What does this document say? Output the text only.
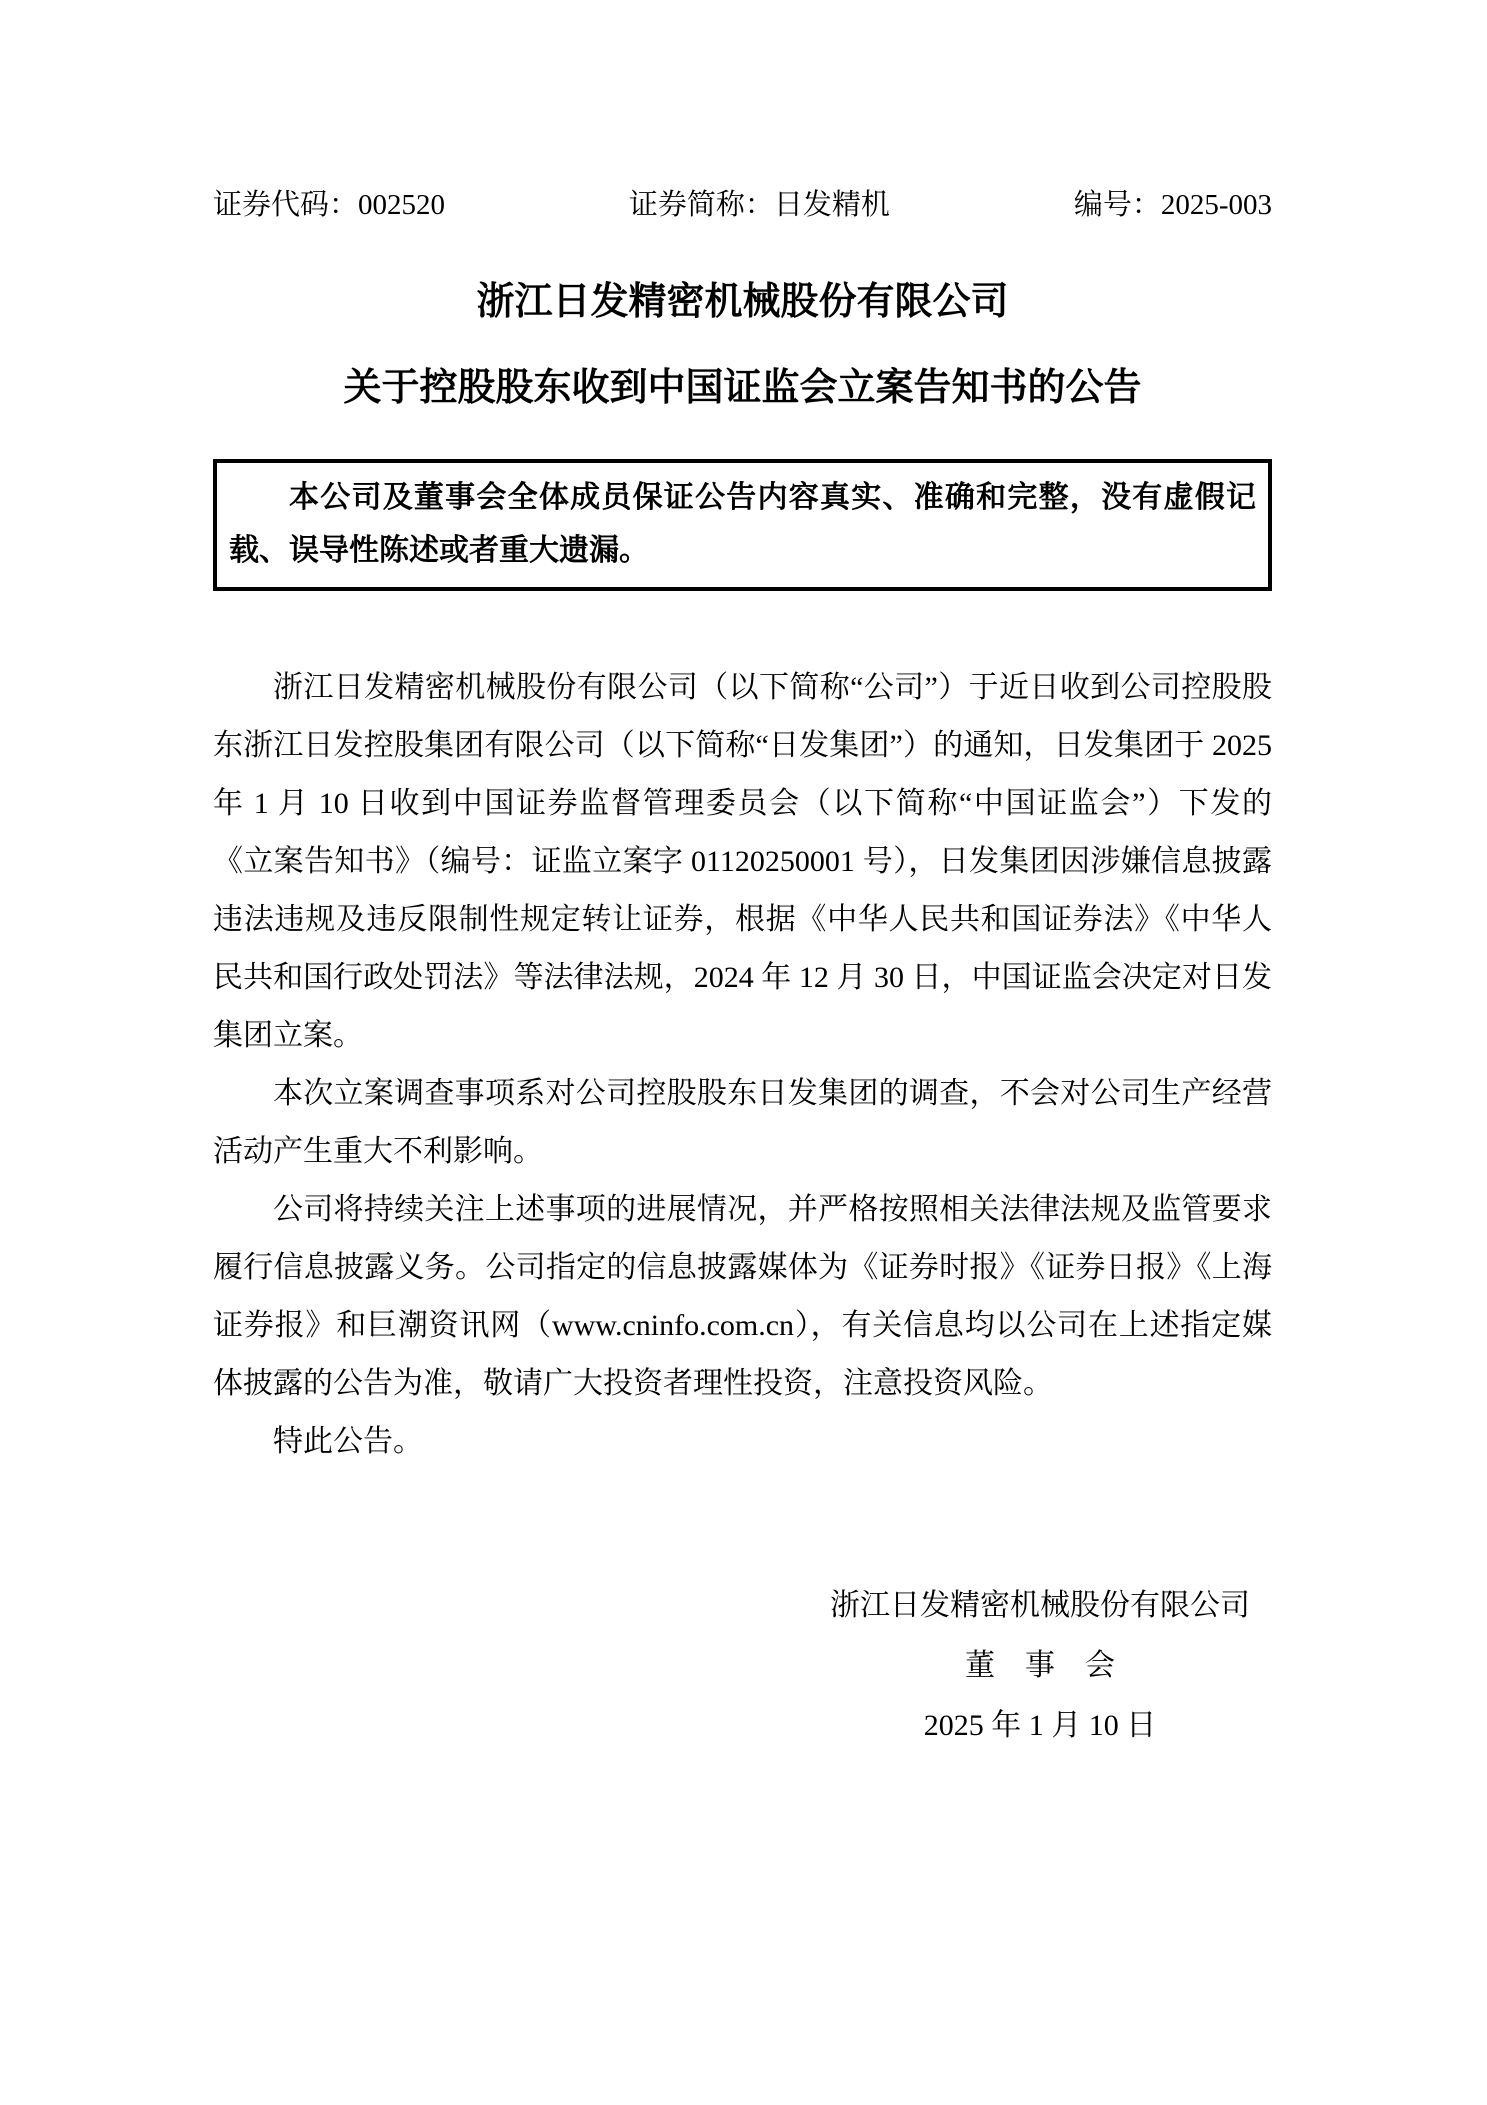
证券代码：002520	证券简称：日发精机	编号：2025-003
浙江日发精密机械股份有限公司
关于控股股东收到中国证监会立案告知书的公告

本公司及董事会全体成员保证公告内容真实、准确和完整，没有虚假记载、误导性陈述或者重大遗漏。

浙江日发精密机械股份有限公司（以下简称“公司”）于近日收到公司控股股东浙江日发控股集团有限公司（以下简称“日发集团”）的通知，日发集团于 2025 年 1 月 10 日收到中国证券监督管理委员会（以下简称“中国证监会”）下发的《立案告知书》（编号：证监立案字 01120250001 号），日发集团因涉嫌信息披露违法违规及违反限制性规定转让证券，根据《中华人民共和国证券法》《中华人民共和国行政处罚法》等法律法规，2024 年 12 月 30 日，中国证监会决定对日发集团立案。

本次立案调查事项系对公司控股股东日发集团的调查，不会对公司生产经营活动产生重大不利影响。

公司将持续关注上述事项的进展情况，并严格按照相关法律法规及监管要求履行信息披露义务。公司指定的信息披露媒体为《证券时报》《证券日报》《上海证券报》和巨潮资讯网（www.cninfo.com.cn），有关信息均以公司在上述指定媒体披露的公告为准，敬请广大投资者理性投资，注意投资风险。

特此公告。

浙江日发精密机械股份有限公司
董　事　会
2025 年 1 月 10 日
